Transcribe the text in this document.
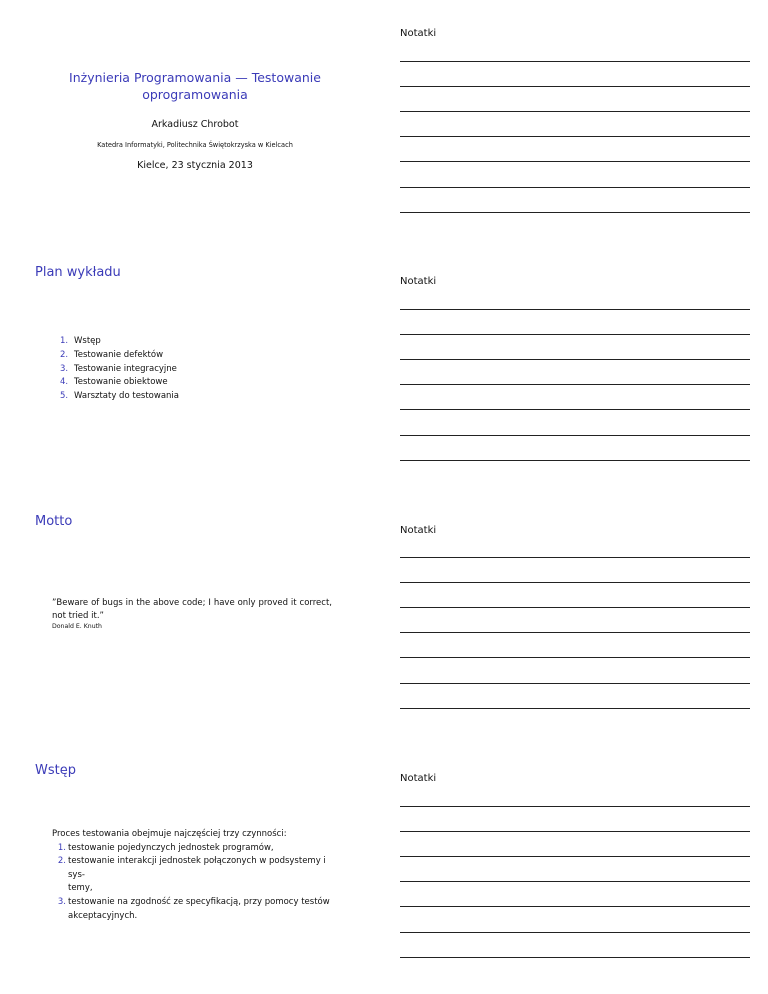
Notatki
Inżynieria Programowania — Testowanie
oprogramowania
Arkadiusz Chrobot
Katedra Informatyki, Politechnika Świętokrzyska w Kielcach
Kielce, 23 stycznia 2013
Plan wykładu
Notatki
1. Wstęp
2. Testowanie defektów
3. Testowanie integracyjne
4. Testowanie obiektowe
5. Warsztaty do testowania
Motto
Notatki
”Beware of bugs in the above code; I have only proved it correct,
not tried it.”
Donald E. Knuth
Wstęp
Notatki
Proces testowania obejmuje najczęściej trzy czynności:
1. testowanie pojedynczych jednostek programów,
2. testowanie interakcji jednostek połączonych w podsystemy i sys-
temy,
3. testowanie na zgodność ze specyfikacją, przy pomocy testów
akceptacyjnych.
